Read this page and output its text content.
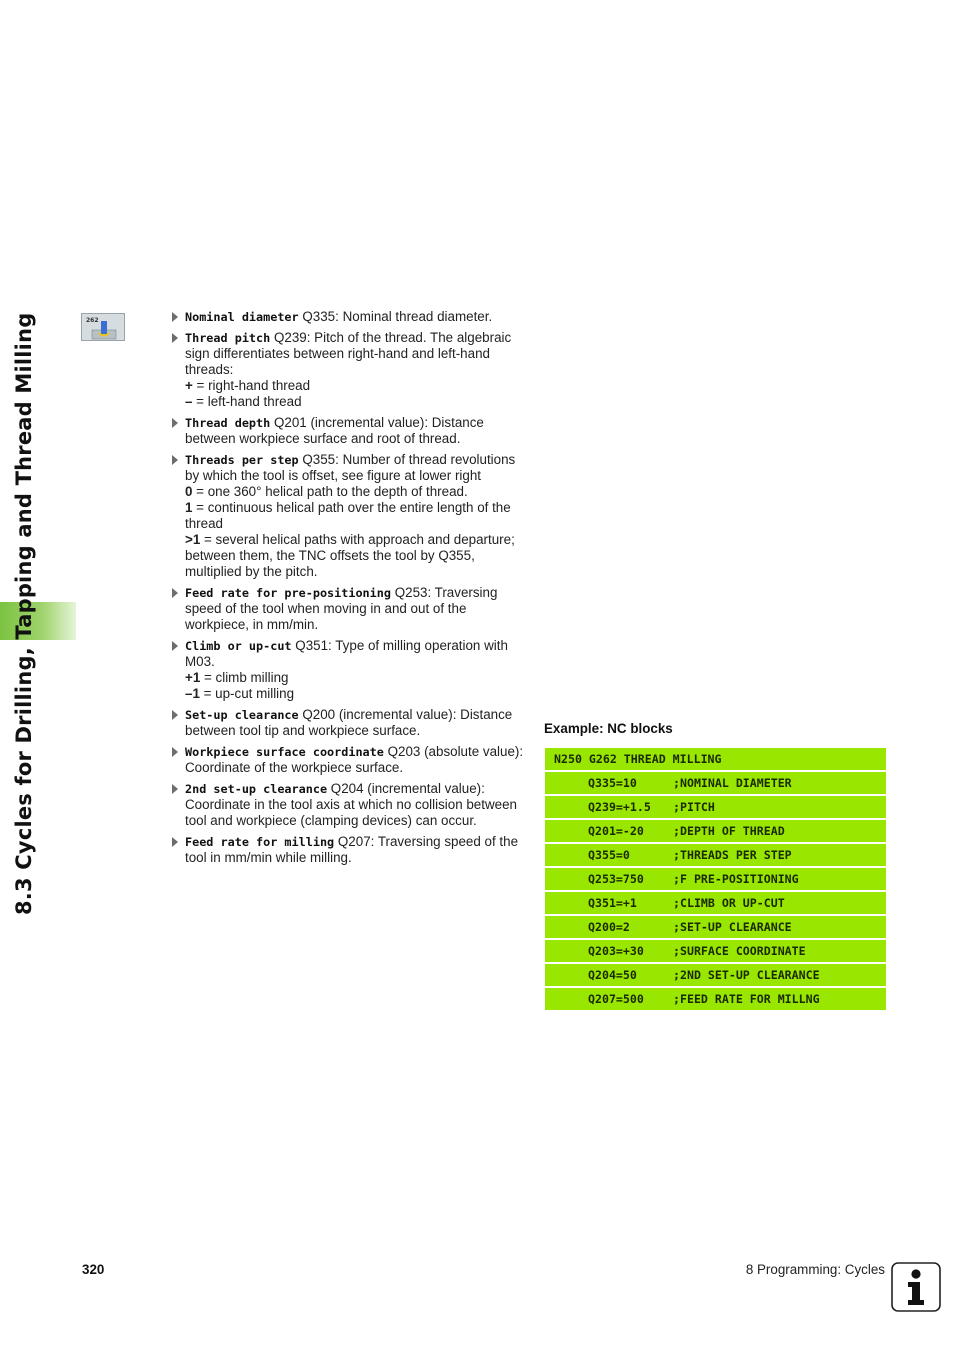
8.3 Cycles for Drilling, Tapping and Thread Milling	262	Nominal diameter Q335: Nominal thread diameter.
Thread pitch Q239: Pitch of the thread. The algebraic sign differentiates between right-hand and left-hand threads:
+ = right-hand thread
– = left-hand thread
Thread depth Q201 (incremental value): Distance between workpiece surface and root of thread.
Threads per step Q355: Number of thread revolutions by which the tool is offset, see figure at lower right
0 = one 360° helical path to the depth of thread.
1 = continuous helical path over the entire length of the thread
>1 = several helical paths with approach and departure; between them, the TNC offsets the tool by Q355, multiplied by the pitch.
Feed rate for pre-positioning Q253: Traversing speed of the tool when moving in and out of the workpiece, in mm/min.
Climb or up-cut Q351: Type of milling operation with M03.
+1 = climb milling
–1 = up-cut milling
Set-up clearance Q200 (incremental value): Distance between tool tip and workpiece surface.
Workpiece surface coordinate Q203 (absolute value): Coordinate of the workpiece surface.
2nd set-up clearance Q204 (incremental value): Coordinate in the tool axis at which no collision between tool and workpiece (clamping devices) can occur.
Feed rate for milling Q207: Traversing speed of the tool in mm/min while milling.
Example: NC blocks
N250 G262 THREAD MILLING
Q335=10	;NOMINAL DIAMETER
Q239=+1.5	;PITCH
Q201=-20	;DEPTH OF THREAD
Q355=0	;THREADS PER STEP
Q253=750	;F PRE-POSITIONING
Q351=+1	;CLIMB OR UP-CUT
Q200=2	;SET-UP CLEARANCE
Q203=+30	;SURFACE COORDINATE
Q204=50	;2ND SET-UP CLEARANCE
Q207=500	;FEED RATE FOR MILLNG
320	8 Programming: Cycles
